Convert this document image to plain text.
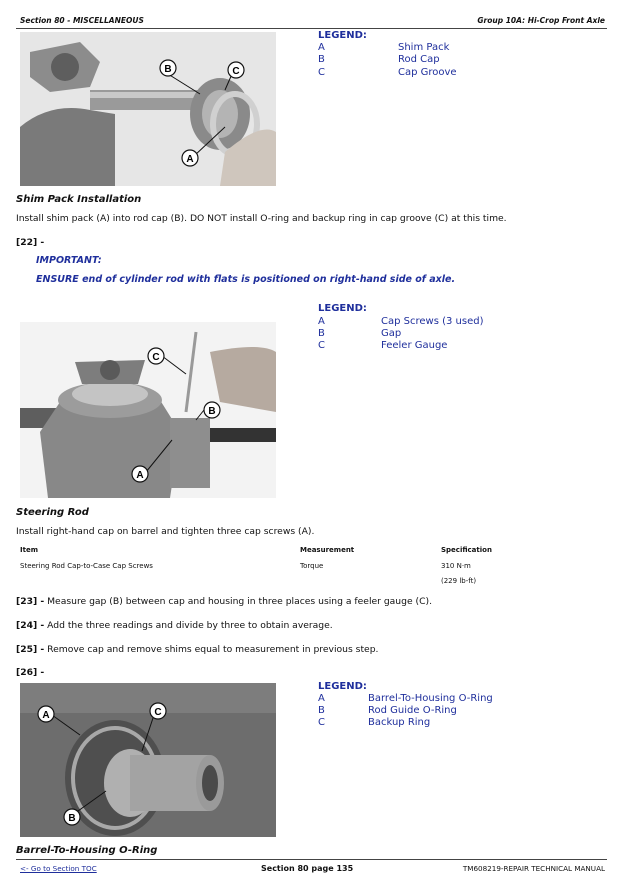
Section 80 - MISCELLANEOUS	Group 10A: Hi-Crop Front Axle
B	C
A
LEGEND:
A	Shim Pack
B	Rod Cap
C	Cap Groove
Shim Pack Installation
Install shim pack (A) into rod cap (B). DO NOT install O-ring and backup ring in cap groove (C) at this time.
[22] -
IMPORTANT:
ENSURE end of cylinder rod with flats is positioned on right-hand side of axle.
C
B
A
LEGEND:
A	Cap Screws (3 used)
B	Gap
C	Feeler Gauge
Steering Rod
Install right-hand cap on barrel and tighten three cap screws (A).
Item	Measurement	Specification
Steering Rod Cap-to-Case Cap Screws	Torque	310 N·m
(229 lb-ft)
[23] - Measure gap (B) between cap and housing in three places using a feeler gauge (C).
[24] - Add the three readings and divide by three to obtain average.
[25] - Remove cap and remove shims equal to measurement in previous step.
[26] -
A	C
B
LEGEND:
A	Barrel-To-Housing O-Ring
B	Rod Guide O-Ring
C	Backup Ring
Barrel-To-Housing O-Ring
<- Go to Section TOC	Section 80 page 135	TM608219-REPAIR TECHNICAL MANUAL
